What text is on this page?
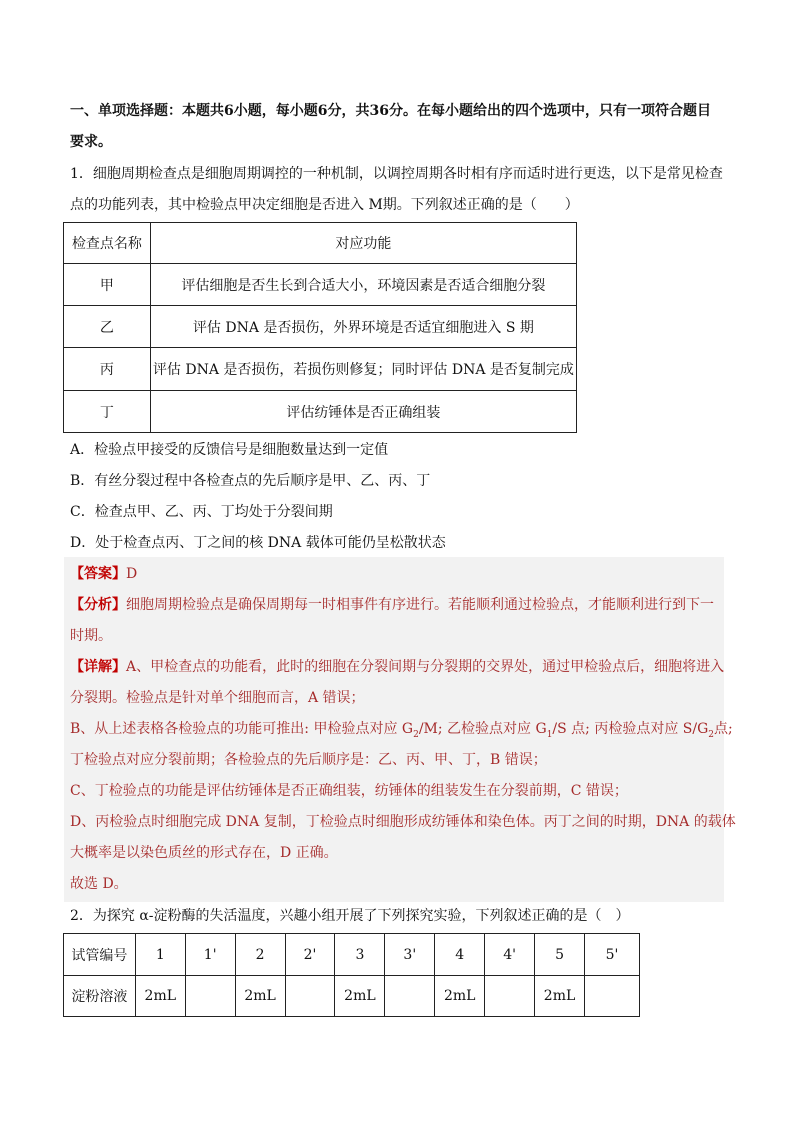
一、单项选择题：本题共6小题，每小题6分，共36分。在每小题给出的四个选项中，只有一项符合题目
要求。
1．细胞周期检查点是细胞周期调控的一种机制，以调控周期各时相有序而适时进行更迭，以下是常见检查
点的功能列表，其中检验点甲决定细胞是否进入 M期。下列叙述正确的是（　　）
检查点名称	对应功能
甲	评估细胞是否生长到合适大小，环境因素是否适合细胞分裂
乙	评估 DNA 是否损伤，外界环境是否适宜细胞进入 S 期
丙	评估 DNA 是否损伤，若损伤则修复；同时评估 DNA 是否复制完成
丁	评估纺锤体是否正确组装
A．检验点甲接受的反馈信号是细胞数量达到一定值
B．有丝分裂过程中各检查点的先后顺序是甲、乙、丙、丁
C．检查点甲、乙、丙、丁均处于分裂间期
D．处于检查点丙、丁之间的核 DNA 载体可能仍呈松散状态
【答案】D
【分析】细胞周期检验点是确保周期每一时相事件有序进行。若能顺利通过检验点，才能顺利进行到下一
时期。
【详解】A、甲检查点的功能看，此时的细胞在分裂间期与分裂期的交界处，通过甲检验点后，细胞将进入
分裂期。检验点是针对单个细胞而言，A 错误；
B、从上述表格各检验点的功能可推出: 甲检验点对应 $G_2/M$; 乙检验点对应 $G_1/S$ 点; 丙检验点对应 $S/G_2$点;
丁检验点对应分裂前期；各检验点的先后顺序是：乙、丙、甲、丁，B 错误；
C、丁检验点的功能是评估纺锤体是否正确组装，纺锤体的组装发生在分裂前期，C 错误；
D、丙检验点时细胞完成 DNA 复制，丁检验点时细胞形成纺锤体和染色体。丙丁之间的时期，DNA 的载体
大概率是以染色质丝的形式存在，D 正确。
故选 D。
2．为探究 α-淀粉酶的失活温度，兴趣小组开展了下列探究实验，下列叙述正确的是（　）
试管编号	1	1'	2	2'	3	3'	4	4'	5	5'
淀粉溶液	2mL		2mL		2mL		2mL		2mL	
